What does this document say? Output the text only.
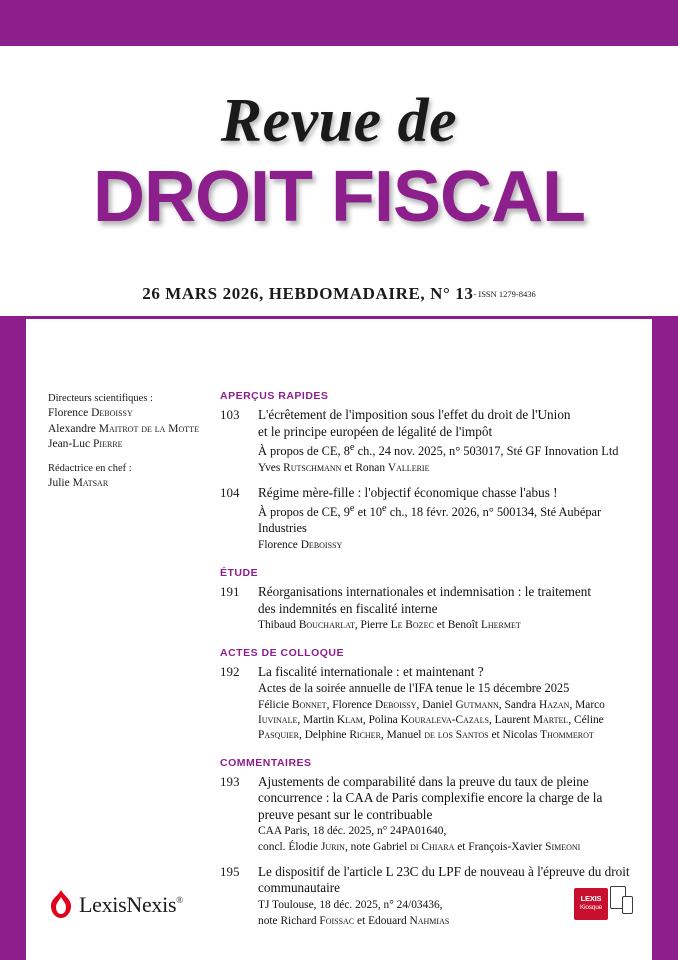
Revue de
DROIT FISCAL
26 MARS 2026, HEBDOMADAIRE, N° 13- ISSN 1279-8436
Directeurs scientifiques :
Florence Deboissy
Alexandre Maitrot de la Motte
Jean-Luc Pierre
Rédactrice en chef :
Julie Matsar
APERÇUS RAPIDES
103	L'écrêtement de l'imposition sous l'effet du droit de l'Union
et le principe européen de légalité de l'impôt
À propos de CE, 8e ch., 24 nov. 2025, n° 503017, Sté GF Innovation Ltd
Yves Rutschmann et Ronan Vallerie
104	Régime mère-fille : l'objectif économique chasse l'abus !
À propos de CE, 9e et 10e ch., 18 févr. 2026, n° 500134, Sté Aubépar Industries
Florence Deboissy
ÉTUDE
191	Réorganisations internationales et indemnisation : le traitement
des indemnités en fiscalité interne
Thibaud Boucharlat, Pierre Le Bozec et Benoît Lhermet
ACTES DE COLLOQUE
192	La fiscalité internationale : et maintenant ?
Actes de la soirée annuelle de l'IFA tenue le 15 décembre 2025
Félicie Bonnet, Florence Deboissy, Daniel Gutmann, Sandra Hazan, Marco Iuvinale, Martin Klam, Polina Kouraleva-Cazals, Laurent Martel, Céline Pasquier, Delphine Richer, Manuel de los Santos et Nicolas Thommerot
COMMENTAIRES
193	Ajustements de comparabilité dans la preuve du taux de pleine
concurrence : la CAA de Paris complexifie encore la charge de la preuve pesant sur le contribuable
CAA Paris, 18 déc. 2025, n° 24PA01640,
concl. Élodie Jurin, note Gabriel di Chiara et François-Xavier Simeoni
195	Le dispositif de l'article L 23C du LPF de nouveau à l'épreuve du droit
communautaire
TJ Toulouse, 18 déc. 2025, n° 24/03436,
note Richard Foissac et Edouard Nahmias
LexisNexis®	LEXIS
Kiosque
